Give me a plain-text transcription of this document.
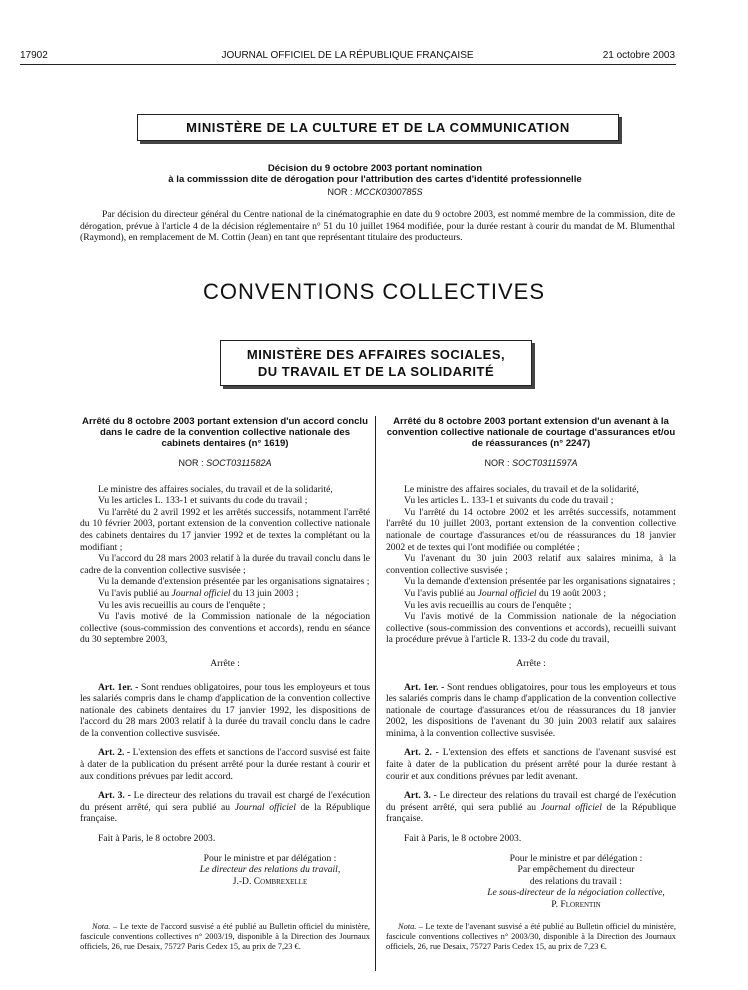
17902	JOURNAL OFFICIEL DE LA RÉPUBLIQUE FRANÇAISE	21 octobre 2003
MINISTÈRE DE LA CULTURE ET DE LA COMMUNICATION

Décision du 9 octobre 2003 portant nomination

à la commisssion dite de dérogation pour l'attribution des cartes d'identité professionnelle

NOR : MCCK0300785S

Par décision du directeur général du Centre national de la cinématographie en date du 9 octobre 2003, est nommé membre de la commission, dite de dérogation, prévue à l'article 4 de la décision réglementaire n° 51 du 10 juillet 1964 modifiée, pour la durée restant à courir du mandat de M. Blumenthal (Raymond), en remplacement de M. Cottin (Jean) en tant que représentant titulaire des producteurs.
CONVENTIONS COLLECTIVES

MINISTÈRE DES AFFAIRES SOCIALES,

DU TRAVAIL ET DE LA SOLIDARITÉ

Arrêté du 8 octobre 2003 portant extension d'un accord conclu dans le cadre de la convention collective nationale des cabinets dentaires (n° 1619)

NOR : SOCT0311582A

Le ministre des affaires sociales, du travail et de la solidarité,

Vu les articles L. 133-1 et suivants du code du travail ;

Vu l'arrêté du 2 avril 1992 et les arrêtés successifs, notamment l'arrêté du 10 février 2003, portant extension de la convention collective nationale des cabinets dentaires du 17 janvier 1992 et de textes la complétant ou la modifiant ;

Vu l'accord du 28 mars 2003 relatif à la durée du travail conclu dans le cadre de la convention collective susvisée ;

Vu la demande d'extension présentée par les organisations signataires ;

Vu l'avis publié au Journal officiel du 13 juin 2003 ;

Vu les avis recueillis au cours de l'enquête ;

Vu l'avis motivé de la Commission nationale de la négociation collective (sous-commission des conventions et accords), rendu en séance du 30 septembre 2003,

Arrête :

Art. 1er. - Sont rendues obligatoires, pour tous les employeurs et tous les salariés compris dans le champ d'application de la convention collective nationale des cabinets dentaires du 17 janvier 1992, les dispositions de l'accord du 28 mars 2003 relatif à la durée du travail conclu dans le cadre de la convention collective susvisée.

Art. 2. - L'extension des effets et sanctions de l'accord susvisé est faite à dater de la publication du présent arrêté pour la durée restant à courir et aux conditions prévues par ledit accord.

Art. 3. - Le directeur des relations du travail est chargé de l'exécution du présent arrêté, qui sera publié au Journal officiel de la République française.

Fait à Paris, le 8 octobre 2003.

Pour le ministre et par délégation :

Le directeur des relations du travail,

J.-D. Combrexelle

Arrêté du 8 octobre 2003 portant extension d'un avenant à la convention collective nationale de courtage d'assurances et/ou de réassurances (n° 2247)

NOR : SOCT0311597A

Le ministre des affaires sociales, du travail et de la solidarité,

Vu les articles L. 133-1 et suivants du code du travail ;

Vu l'arrêté du 14 octobre 2002 et les arrêtés successifs, notamment l'arrêté du 10 juillet 2003, portant extension de la convention collective nationale de courtage d'assurances et/ou de réassurances du 18 janvier 2002 et de textes qui l'ont modifiée ou complétée ;

Vu l'avenant du 30 juin 2003 relatif aux salaires minima, à la convention collective susvisée ;

Vu la demande d'extension présentée par les organisations signataires ;

Vu l'avis publié au Journal officiel du 19 août 2003 ;

Vu les avis recueillis au cours de l'enquête ;

Vu l'avis motivé de la Commission nationale de la négociation collective (sous-commission des conventions et accords), recueilli suivant la procédure prévue à l'article R. 133-2 du code du travail,

Arrête :

Art. 1er. - Sont rendues obligatoires, pour tous les employeurs et tous les salariés compris dans le champ d'application de la convention collective nationale de courtage d'assurances et/ou de réassurances du 18 janvier 2002, les dispositions de l'avenant du 30 juin 2003 relatif aux salaires minima, à la convention collective susvisée.

Art. 2. - L'extension des effets et sanctions de l'avenant susvisé est faite à dater de la publication du présent arrêté pour la durée restant à courir et aux conditions prévues par ledit avenant.

Art. 3. - Le directeur des relations du travail est chargé de l'exécution du présent arrêté, qui sera publié au Journal officiel de la République française.

Fait à Paris, le 8 octobre 2003.

Pour le ministre et par délégation :

Par empêchement du directeur

des relations du travail :

Le sous-directeur de la négociation collective,

P. Florentin

Nota. – Le texte de l'accord susvisé a été publié au Bulletin officiel du ministère, fascicule conventions collectives n° 2003/19, disponible à la Direction des Journaux officiels, 26, rue Desaix, 75727 Paris Cedex 15, au prix de 7,23 €.
Nota. – Le texte de l'avenant susvisé a été publié au Bulletin officiel du ministère, fascicule conventions collectives n° 2003/30, disponible à la Direction des Journaux officiels, 26, rue Desaix, 75727 Paris Cedex 15, au prix de 7,23 €.
